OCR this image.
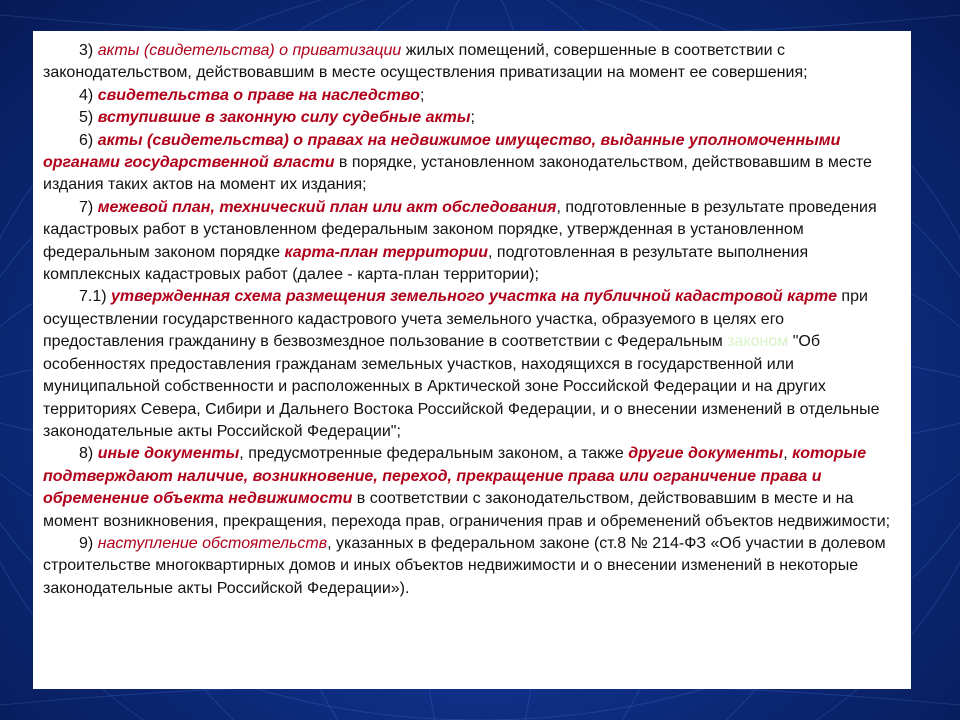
3) акты (свидетельства) о приватизации жилых помещений, совершенные в соответствии с законодательством, действовавшим в месте осуществления приватизации на момент ее совершения;

4) свидетельства о праве на наследство;

5) вступившие в законную силу судебные акты;

6) акты (свидетельства) о правах на недвижимое имущество, выданные уполномоченными органами государственной власти в порядке, установленном законодательством, действовавшим в месте издания таких актов на момент их издания;

7) межевой план, технический план или акт обследования, подготовленные в результате проведения кадастровых работ в установленном федеральным законом порядке, утвержденная в установленном федеральным законом порядке карта-план территории, подготовленная в результате выполнения комплексных кадастровых работ (далее - карта-план территории);

7.1) утвержденная схема размещения земельного участка на публичной кадастровой карте при осуществлении государственного кадастрового учета земельного участка, образуемого в целях его предоставления гражданину в безвозмездное пользование в соответствии с Федеральным законом "Об особенностях предоставления гражданам земельных участков, находящихся в государственной или муниципальной собственности и расположенных в Арктической зоне Российской Федерации и на других территориях Севера, Сибири и Дальнего Востока Российской Федерации, и о внесении изменений в отдельные законодательные акты Российской Федерации";

8) иные документы, предусмотренные федеральным законом, а также другие документы, которые подтверждают наличие, возникновение, переход, прекращение права или ограничение права и обременение объекта недвижимости в соответствии с законодательством, действовавшим в месте и на момент возникновения, прекращения, перехода прав, ограничения прав и обременений объектов недвижимости;

9) наступление обстоятельств, указанных в федеральном законе (ст.8 № 214-ФЗ «Об участии в долевом строительстве многоквартирных домов и иных объектов недвижимости и о внесении изменений в некоторые законодательные акты Российской Федерации»).
